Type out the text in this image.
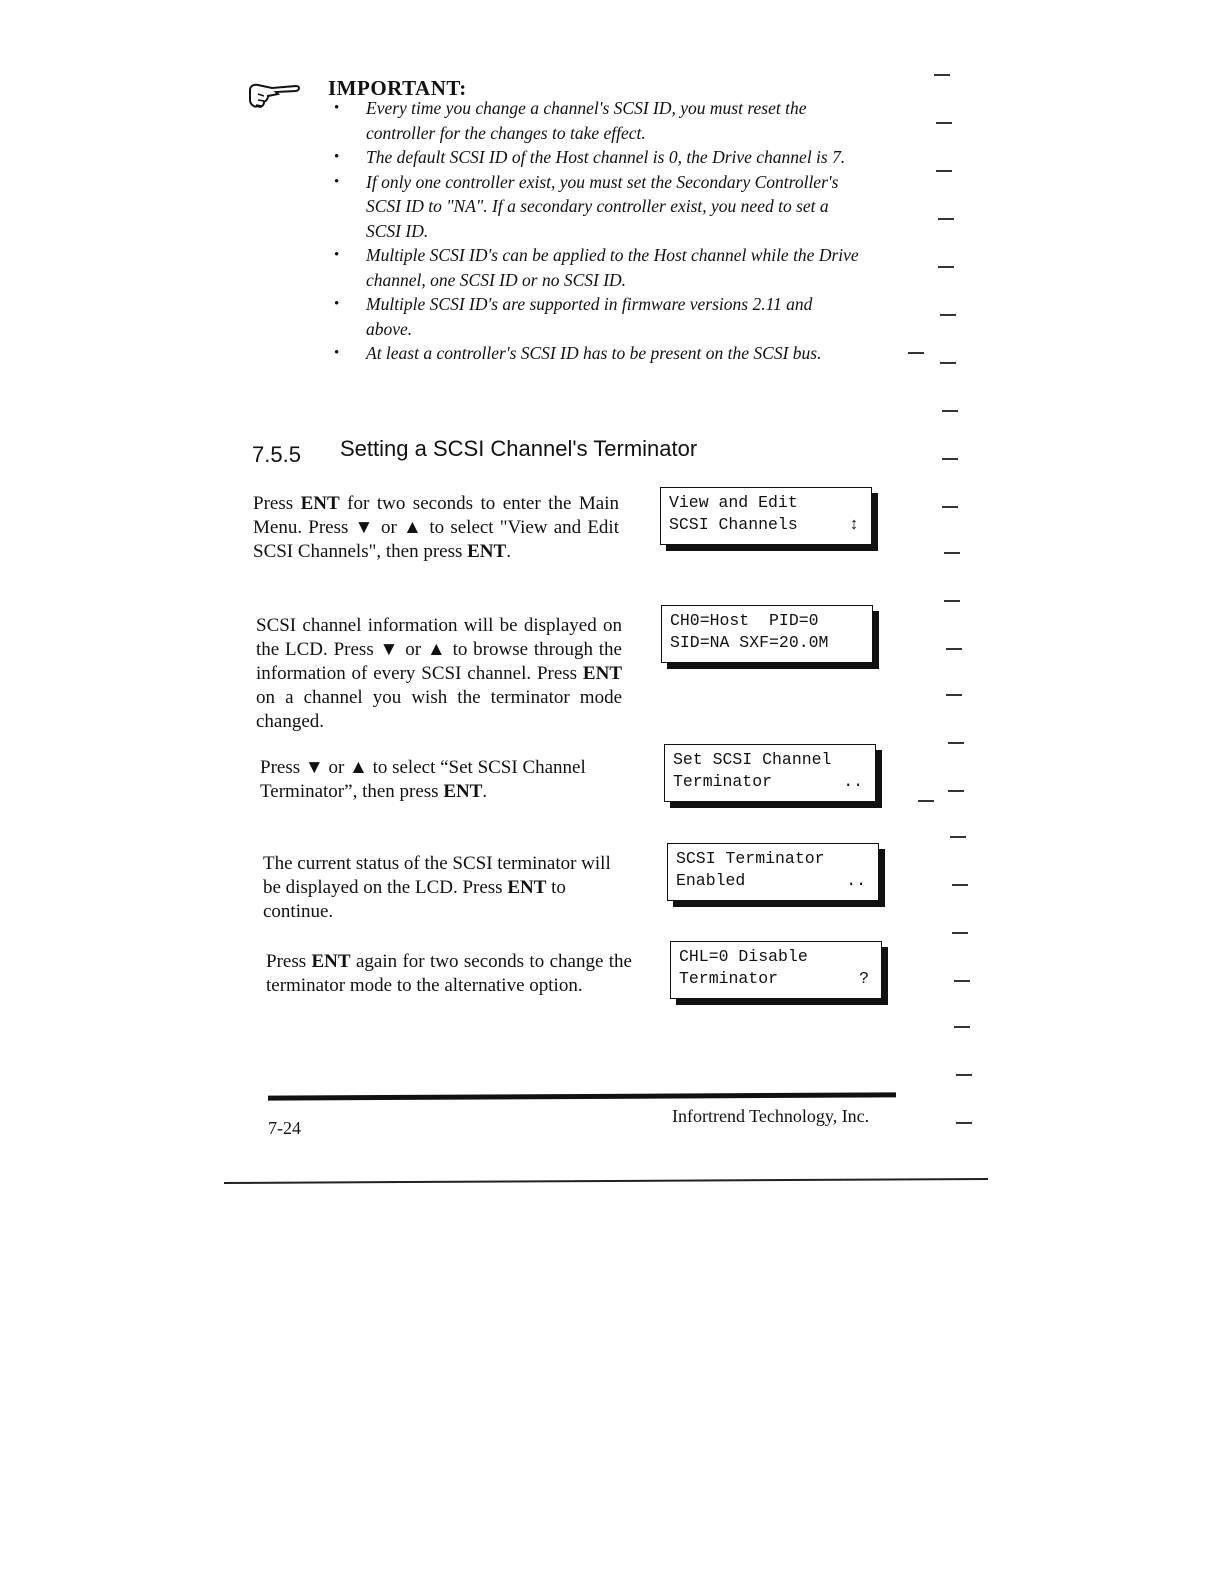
IMPORTANT:
• Every time you change a channel's SCSI ID, you must reset the controller for the changes to take effect.
• The default SCSI ID of the Host channel is 0, the Drive channel is 7.
• If only one controller exist, you must set the Secondary Controller's SCSI ID to "NA". If a secondary controller exist, you need to set a SCSI ID.
• Multiple SCSI ID's can be applied to the Host channel while the Drive channel, one SCSI ID or no SCSI ID.
• Multiple SCSI ID's are supported in firmware versions 2.11 and above.
• At least a controller's SCSI ID has to be present on the SCSI bus.
7.5.5 Setting a SCSI Channel's Terminator
Press ENT for two seconds to enter the Main Menu. Press ▼ or ▲ to select "View and Edit SCSI Channels", then press ENT.
View and Edit
SCSI Channels	↕
SCSI channel information will be displayed on the LCD. Press ▼ or ▲ to browse through the information of every SCSI channel. Press ENT on a channel you wish the terminator mode changed.
CH0=Host  PID=0
SID=NA SXF=20.0M
Press ▼ or ▲ to select “Set SCSI Channel Terminator”, then press ENT.
Set SCSI Channel
Terminator	..
The current status of the SCSI terminator will be displayed on the LCD. Press ENT to continue.
SCSI Terminator
Enabled	..
Press ENT again for two seconds to change the terminator mode to the alternative option.
CHL=0 Disable
Terminator	?
7-24
Infortrend Technology, Inc.
